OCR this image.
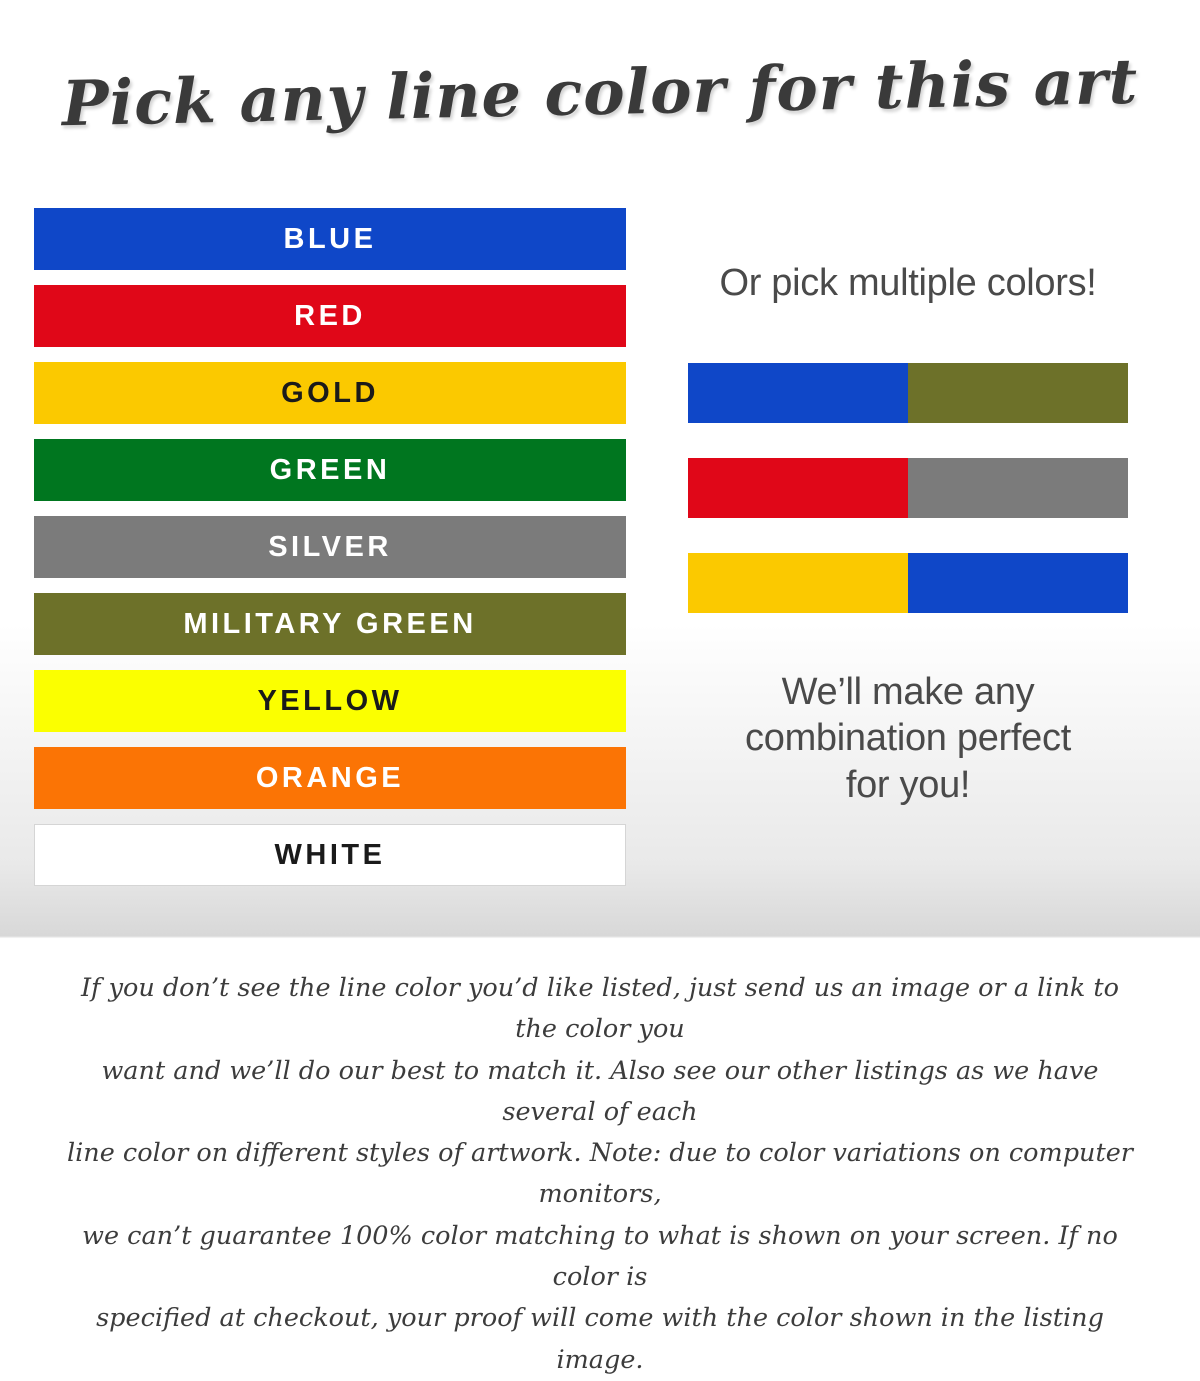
Pick any line color for this art
BLUE
RED
GOLD
GREEN
SILVER
MILITARY GREEN
YELLOW
ORANGE
WHITE
Or pick multiple colors!
We’ll make any
combination perfect
for you!
If you don’t see the line color you’d like listed, just send us an image or a link to the color you
want and we’ll do our best to match it. Also see our other listings as we have several of each
line color on different styles of artwork. Note: due to color variations on computer monitors,
we can’t guarantee 100% color matching to what is shown on your screen. If no color is
specified at checkout, your proof will come with the color shown in the listing image.
